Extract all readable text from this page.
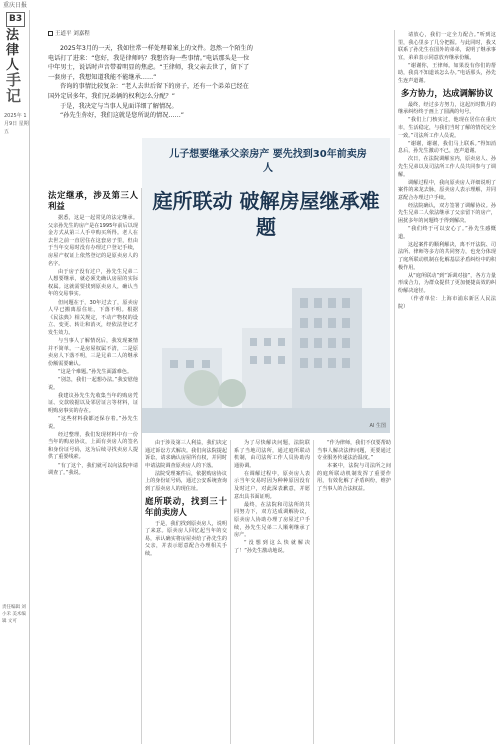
重庆日报
B3
法律人 手记
2025年 1月9日 星期五
责任编辑 刘小禾 美术编辑 文可
王道平 刘嘉程

2025年3月的一天，我如往常一样处理着案上的文件。忽然一个陌生的电话打了进来：“您好，我是律师吗？我想咨询一些事情。”电话那头是一位中年男士，说话时声音带着明显的焦虑。“王律师，我父亲去世了，留下了一套房子，我想知道我能不能继承……”

咨询的事情比较复杂：“老人去世后留下的房子，还有一个弟弟已经在国外定居多年，我们兄弟俩的权利怎么分配？”

于是，我决定与当事人见面详细了解情况。

“孙先生你好，我们这就是您所说的情况……”

儿子想要继承父亲房产 要先找到30年前卖房人
庭所联动 破解房屋继承难题
AI 生图
法定继承，涉及第三人利益

据悉，这是一起常见的法定继承。父亲孙先生的房产是在1995年前后以现金方式从第三人手中购买所得。老人在去世之前一直居住在这套房子里，但由于当年交易时没有办理过户登记手续，房屋产权证上依然登记的是原卖房人的名字。

由于房子没有过户，孙先生兄弟二人想要继承，就必须先确认房屋的实际权属。这就需要找到原卖房人，确认当年的交易事实。

但问题在于，30年过去了，原卖房人早已搬离原住址，下落不明。根据《民法典》相关规定，不动产物权的设立、变更、转让和消灭，经依法登记才发生效力。

与当事人了解情况后，我发现案情并不简单。一是房屋权属不清，二是原卖房人下落不明，三是兄弟二人的继承份额需要确认。

“这是个难题。”孙先生面露难色。

“别急，我们一起想办法。”我安慰他说。

我建议孙先生先收集当年的购房凭证、交款收据以及邻居证言等材料，证明购房事实的存在。

“这些材料我都还保存着。”孙先生说。

经过整理，我们发现材料中有一份当年的购房协议，上面有卖房人的签名和身份证号码，这为后续寻找卖房人提供了重要线索。

“有了这个，我们就可以向法院申请调查了。”我说。

由于涉及第三人利益，我们决定通过诉讼方式解决。我们向法院提起诉讼，请求确认房屋所有权，并同时申请法院调查原卖房人的下落。

法院受理案件后，依据购房协议上的身份证号码，通过公安系统查询到了原卖房人的现住址。

庭所联动，找到三十年前卖房人

于是，我们找到原卖房人，说明了来意。原卖房人回忆起当年的交易，承认确实将房屋卖给了孙先生的父亲，并表示愿意配合办理相关手续。

为了尽快解决问题，法院联系了当地司法所，通过庭所联动机制，由司法所工作人员协助沟通协调。

在调解过程中，原卖房人表示当年交易时因为种种原因没有及时过户，对此深表歉意，并愿意出具书面证明。

最终，在法院和司法所的共同努力下，双方达成调解协议，原卖房人协助办理了房屋过户手续，孙先生兄弟二人顺利继承了房产。

“没想到这么快就解决了！”孙先生激动地说。

“作为律师，我们不仅要帮助当事人解决法律问题，更要通过专业服务传递法治温度。”

本案中，法院与司法所之间的庭所联动机制发挥了重要作用，有效化解了矛盾纠纷，维护了当事人的合法权益。

请放心，我们一定全力配合。”听到这里，我心里多了几分把握。与此同时，我又联系了孙先生在国外的弟弟，说明了继承事宜，弟弟表示同意放弃继承份额。

“谢谢你，王律师。如果没有你们的帮助，我真不知道该怎么办。”电话那头，孙先生连声道谢。

多方协力，达成调解协议

最终，经过多方努力，这起历时数月的继承纠纷终于画上了圆满的句号。

“我们上门核实过，他现在居住在重庆市，生活稳定，与我们当时了解的情况完全一致。”司法所工作人员说。

“谢谢，谢谢，我们马上联系。”得知消息后，孙先生激动不已，连声道谢。

次日，在法院调解室内，原卖房人、孙先生兄弟以及司法所工作人员共同参与了调解。

调解过程中，我向原卖房人详细说明了案件的来龙去脉，原卖房人表示理解，并同意配合办理过户手续。

经法院确认，双方签署了调解协议。孙先生兄弟二人依法继承了父亲留下的房产，困扰多年的问题终于得到解决。

“我们终于可以安心了。”孙先生感慨道。

这起案件的顺利解决，离不开法院、司法所、律师等多方的共同努力，也充分体现了庭所联动机制在化解基层矛盾纠纷中的积极作用。

从“庭所联动”到“诉调对接”，各方力量形成合力，为群众提供了更加便捷高效的纠纷解决途径。

（作者单位：上海市浦东新区人民法院）
